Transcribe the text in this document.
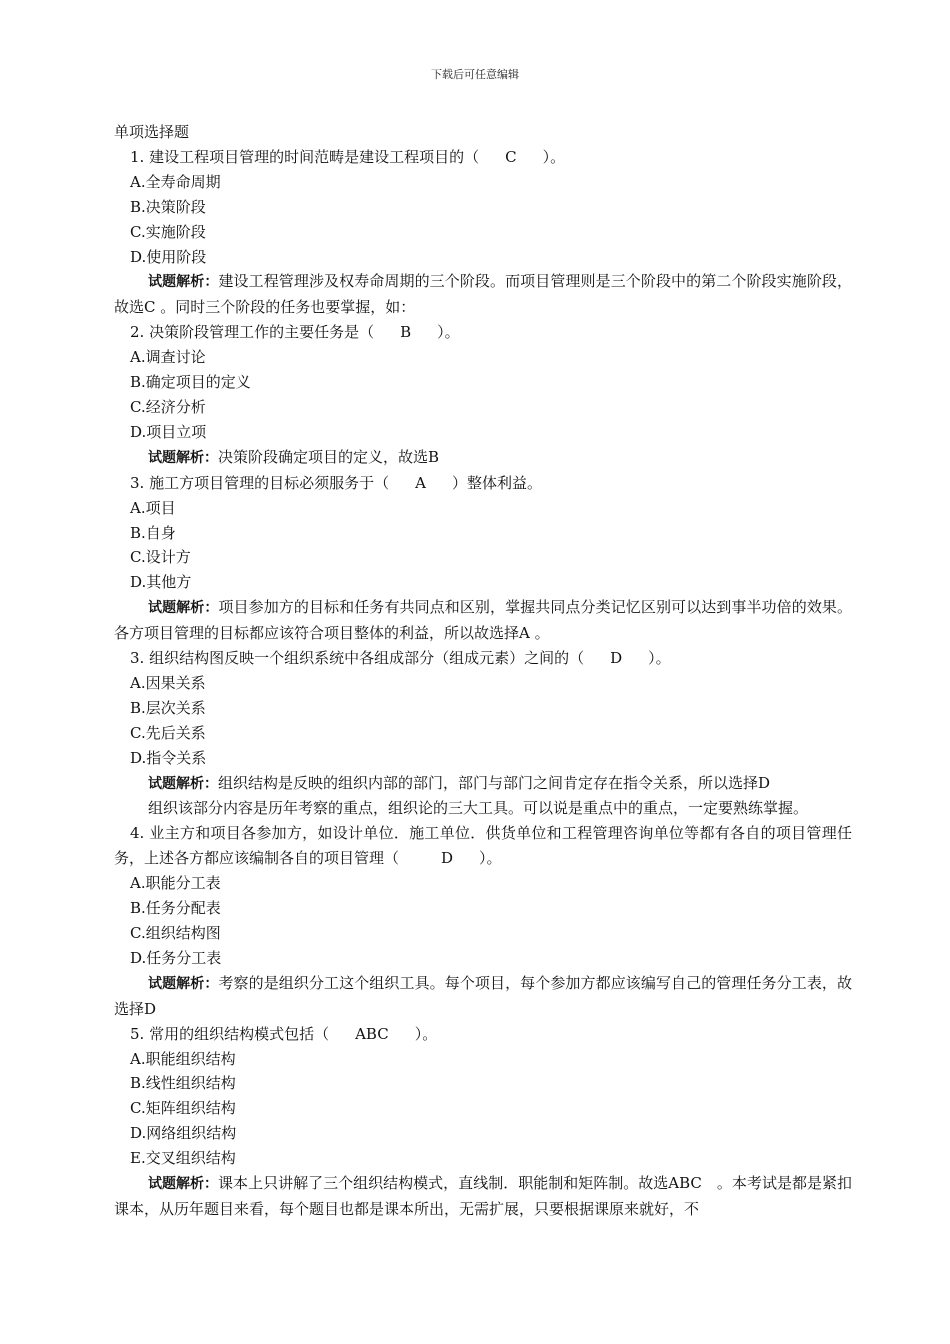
下载后可任意编辑
单项选择题
1. 建设工程项目管理的时间范畴是建设工程项目的（ C ）。
A.全寿命周期
B.决策阶段
C.实施阶段
D.使用阶段
试题解析：建设工程管理涉及权寿命周期的三个阶段。而项目管理则是三个阶段中的第二个阶段实施阶段，故选C 。同时三个阶段的任务也要掌握，如：
2. 决策阶段管理工作的主要任务是（ B ）。
A.调查讨论
B.确定项目的定义
C.经济分析
D.项目立项
试题解析：决策阶段确定项目的定义，故选B
3. 施工方项目管理的目标必须服务于（ A ）整体利益。
A.项目
B.自身
C.设计方
D.其他方
试题解析：项目参加方的目标和任务有共同点和区别，掌握共同点分类记忆区别可以达到事半功倍的效果。各方项目管理的目标都应该符合项目整体的利益，所以故选择A 。
3. 组织结构图反映一个组织系统中各组成部分（组成元素）之间的（ D ）。
A.因果关系
B.层次关系
C.先后关系
D.指令关系
试题解析：组织结构是反映的组织内部的部门，部门与部门之间肯定存在指令关系，所以选择D
组织该部分内容是历年考察的重点，组织论的三大工具。可以说是重点中的重点，一定要熟练掌握。
4. 业主方和项目各参加方，如设计单位．施工单位．供货单位和工程管理咨询单位等都有各自的项目管理任务，上述各方都应该编制各自的项目管理（	D ）。
A.职能分工表
B.任务分配表
C.组织结构图
D.任务分工表
试题解析：考察的是组织分工这个组织工具。每个项目，每个参加方都应该编写自己的管理任务分工表，故选择D
5. 常用的组织结构模式包括（ ABC ）。
A.职能组织结构
B.线性组织结构
C.矩阵组织结构
D.网络组织结构
E.交叉组织结构
试题解析：课本上只讲解了三个组织结构模式，直线制．职能制和矩阵制。故选ABC　。本考试是都是紧扣课本，从历年题目来看，每个题目也都是课本所出，无需扩展，只要根据课原来就好，不
